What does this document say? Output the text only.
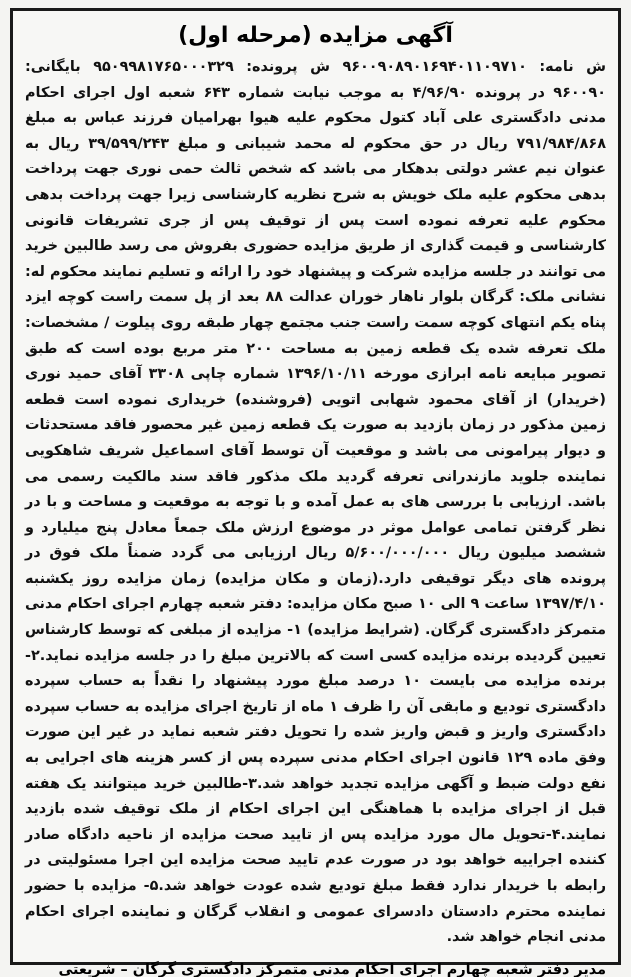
آگهی مزایده (مرحله اول)
ش نامه: ۹۶۰۰۹۰۸۹۰۱۶۹۴۰۱۱۰۹۷۱۰ ش پرونده: ۹۵۰۹۹۸۱۷۶۵۰۰۰۳۲۹ بایگانی: ۹۶۰۰۹۰ در پرونده ۴/۹۶/۹۰ به موجب نیابت شماره ۶۴۳ شعبه اول اجرای احکام مدنی دادگستری علی آباد کتول محکوم علیه هیوا بهرامیان فرزند عباس به مبلغ ۷۹۱/۹۸۴/۸۶۸ ریال در حق محکوم له محمد شیبانی و مبلغ ۳۹/۵۹۹/۲۴۳ ریال به عنوان نیم عشر دولتی بدهکار می باشد که شخص ثالث حمی نوری جهت پرداخت بدهی محکوم علیه ملک خویش به شرح نظریه کارشناسی زیرا جهت پرداخت بدهی محکوم علیه تعرفه نموده است پس از توقیف پس از جری تشریفات قانونی کارشناسی و قیمت گذاری از طریق مزایده حضوری بفروش می رسد طالبین خرید می توانند در جلسه مزایده شرکت و پیشنهاد خود را ارائه و تسلیم نمایند محکوم له: نشانی ملک: گرگان بلوار ناهار خوران عدالت ۸۸ بعد از پل سمت راست کوچه ایزد پناه یکم انتهای کوچه سمت راست جنب مجتمع چهار طبقه روی پیلوت / مشخصات: ملک تعرفه شده یک قطعه زمین به مساحت ۲۰۰ متر مربع بوده است که طبق تصویر مبایعه نامه ابرازی مورخه ۱۳۹۶/۱۰/۱۱ شماره چاپی ۳۳۰۸ آقای حمید نوری (خریدار) از آقای محمود شهابی اتویی (فروشنده) خریداری نموده است قطعه زمین مذکور در زمان بازدید به صورت یک قطعه زمین غیر محصور فاقد مستحدثات و دیوار پیرامونی می باشد و موقعیت آن توسط آقای اسماعیل شریف شاهکویی نماینده جلوید مازندرانی تعرفه گردید ملک مذکور فاقد سند مالکیت رسمی می باشد. ارزیابی با بررسی های به عمل آمده و با توجه به موقعیت و مساحت و با در نظر گرفتن تمامی عوامل موثر در موضوع ارزش ملک جمعاً معادل پنج میلیارد و ششصد میلیون ریال ۵/۶۰۰/۰۰۰/۰۰۰ ریال ارزیابی می گردد ضمناً ملک فوق در پرونده های دیگر توقیفی دارد.(زمان و مکان مزایده) زمان مزایده روز یکشنبه ۱۳۹۷/۴/۱۰ ساعت ۹ الی ۱۰ صبح مکان مزایده: دفتر شعبه چهارم اجرای احکام مدنی متمرکز دادگستری گرگان. (شرایط مزایده) ۱- مزایده از مبلغی که توسط کارشناس تعیین گردیده برنده مزایده کسی است که بالاترین مبلغ را در جلسه مزایده نماید.۲-برنده مزایده می بایست ۱۰ درصد مبلغ مورد پیشنهاد را نقداً به حساب سپرده دادگستری تودیع و مابقی آن را ظرف ۱ ماه از تاریخ اجرای مزایده به حساب سپرده دادگستری واریز و قبض واریز شده را تحویل دفتر شعبه نماید در غیر این صورت وفق ماده ۱۲۹ قانون اجرای احکام مدنی سپرده پس از کسر هزینه های اجرایی به نفع دولت ضبط و آگهی مزایده تجدید خواهد شد.۳-طالبین خرید میتوانند یک هفته قبل از اجرای مزایده با هماهنگی این اجرای احکام از ملک توقیف شده بازدید نمایند.۴-تحویل مال مورد مزایده پس از تایید صحت مزایده از ناحیه دادگاه صادر کننده اجراییه خواهد بود در صورت عدم تایید صحت مزایده این اجرا مسئولیتی در رابطه با خریدار ندارد فقط مبلغ تودیع شده عودت خواهد شد.۵- مزایده با حضور نماینده محترم دادستان دادسرای عمومی و انقلاب گرگان و نماینده اجرای احکام مدنی انجام خواهد شد.
مدیر دفتر شعبه چهارم اجرای احکام مدنی متمرکز دادگستری گرگان – شریعتی
